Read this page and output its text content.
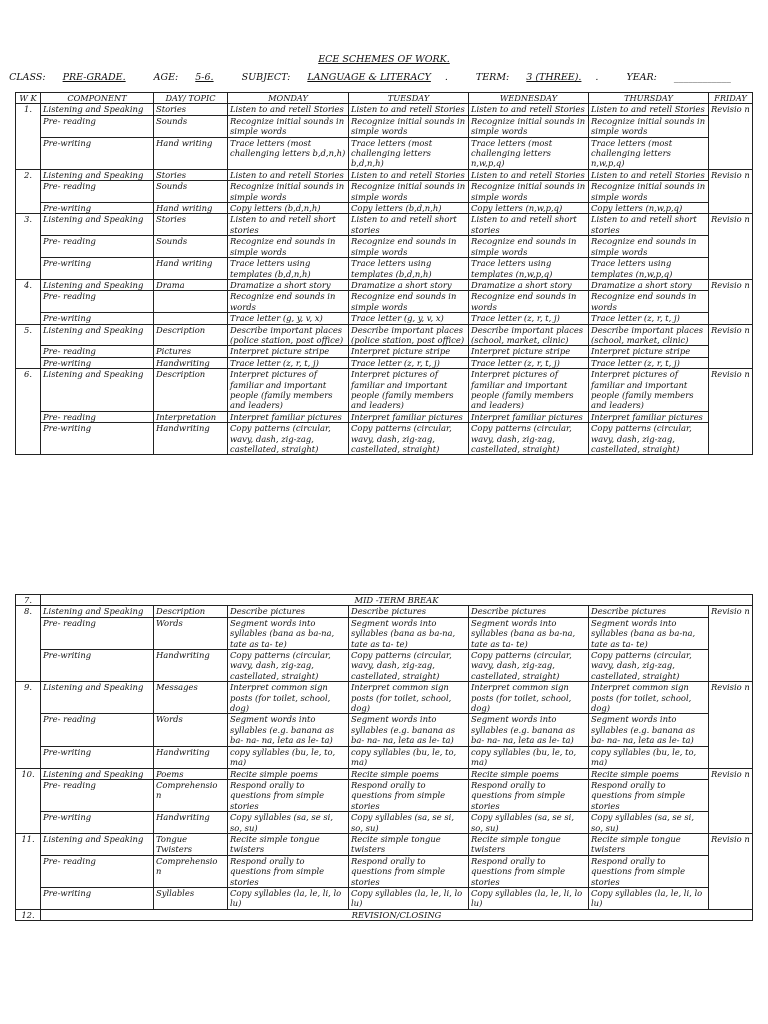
ECE SCHEMES OF WORK.
CLASS: PRE-GRADE.	AGE: 5-6.	SUBJECT: LANGUAGE & LITERACY .	TERM: 3 (THREE). .	YEAR: ____________
W K	COMPONENT	DAY/ TOPIC	MONDAY	TUESDAY	WEDNESDAY	THURSDAY	FRIDAY
1.	Listening and Speaking	Stories	Listen to and retell Stories	Listen to and retell Stories	Listen to and retell Stories	Listen to and retell Stories	Revisio n
	Pre- reading	Sounds	Recognize initial sounds in simple words	Recognize initial sounds in simple words	Recognize initial sounds in simple words	Recognize initial sounds in simple words	
	Pre-writing	Hand writing	Trace letters (most challenging letters b,d,n,h)	Trace letters (most challenging letters b,d,n,h)	Trace letters (most challenging letters n,w,p,q)	Trace letters (most challenging letters n,w,p,q)	
2.	Listening and Speaking	Stories	Listen to and retell Stories	Listen to and retell Stories	Listen to and retell Stories	Listen to and retell Stories	Revisio n
	Pre- reading	Sounds	Recognize initial sounds in simple words	Recognize initial sounds in simple words	Recognize initial sounds in simple words	Recognize initial sounds in simple words	
	Pre-writing	Hand writing	Copy letters (b,d,n,h)	Copy letters (b,d,n,h)	Copy letters (n,w,p,q)	Copy letters (n,w,p,q)	
3.	Listening and Speaking	Stories	Listen to and retell short stories	Listen to and retell short stories	Listen to and retell short stories	Listen to and retell short stories	Revisio n
	Pre- reading	Sounds	Recognize end sounds in simple words	Recognize end sounds in simple words	Recognize end sounds in simple words	Recognize end sounds in simple words	
	Pre-writing	Hand writing	Trace letters using templates (b,d,n,h)	Trace letters using templates (b,d,n,h)	Trace letters using templates (n,w,p,q)	Trace letters using templates (n,w,p,q)	
4.	Listening and Speaking	Drama	Dramatize a short story	Dramatize a short story	Dramatize a short story	Dramatize a short story	Revisio n
	Pre- reading		Recognize end sounds in words	Recognize end sounds in simple words	Recognize end sounds in words	Recognize end sounds in words	
	Pre-writing		Trace letter (g, y, v, x)	Trace letter (g, y, v, x)	Trace letter (z, r, t, j)	Trace letter (z, r, t, j)	
5.	Listening and Speaking	Description	Describe important places (police station, post office)	Describe important places (police station, post office)	Describe important places (school, market, clinic)	Describe important places (school, market, clinic)	Revisio n
	Pre- reading	Pictures	Interpret picture stripe	Interpret picture stripe	Interpret picture stripe	Interpret picture stripe	
	Pre-writing	Handwriting	Trace letter (z, r, t, j)	Trace letter (z, r, t, j)	Trace letter (z, r, t, j)	Trace letter (z, r, t, j)	
6.	Listening and Speaking	Description	Interpret pictures of familiar and important people (family members and leaders)	Interpret pictures of familiar and important people (family members and leaders)	Interpret pictures of familiar and important people (family members and leaders)	Interpret pictures of familiar and important people (family members and leaders)	Revisio n
	Pre- reading	Interpretation	Interpret familiar pictures	Interpret familiar pictures	Interpret familiar pictures	Interpret familiar pictures	
	Pre-writing	Handwriting	Copy patterns (circular, wavy, dash, zig-zag, castellated, straight)	Copy patterns (circular, wavy, dash, zig-zag, castellated, straight)	Copy patterns (circular, wavy, dash, zig-zag, castellated, straight)	Copy patterns (circular, wavy, dash, zig-zag, castellated, straight)	
7.	MID -TERM BREAK						
8.	Listening and Speaking	Description	Describe pictures	Describe pictures	Describe pictures	Describe pictures	Revisio n
	Pre- reading	Words	Segment words into syllables (bana as ba-na, tate as ta- te)	Segment words into syllables (bana as ba-na, tate as ta- te)	Segment words into syllables (bana as ba-na, tate as ta- te)	Segment words into syllables (bana as ba-na, tate as ta- te)	
	Pre-writing	Handwriting	Copy patterns (circular, wavy, dash, zig-zag, castellated, straight)	Copy patterns (circular, wavy, dash, zig-zag, castellated, straight)	Copy patterns (circular, wavy, dash, zig-zag, castellated, straight)	Copy patterns (circular, wavy, dash, zig-zag, castellated, straight)	
9.	Listening and Speaking	Messages	Interpret common sign posts (for toilet, school, dog)	Interpret common sign posts (for toilet, school, dog)	Interpret common sign posts (for toilet, school, dog)	Interpret common sign posts (for toilet, school, dog)	Revisio n
	Pre- reading	Words	Segment words into syllables (e.g. banana as ba- na- na, leta as le- ta)	Segment words into syllables (e.g. banana as ba- na- na, leta as le- ta)	Segment words into syllables (e.g. banana as ba- na- na, leta as le- ta)	Segment words into syllables (e.g. banana as ba- na- na, leta as le- ta)	
	Pre-writing	Handwriting	copy syllables (bu, le, to, ma)	copy syllables (bu, le, to, ma)	copy syllables (bu, le, to, ma)	copy syllables (bu, le, to, ma)	
10.	Listening and Speaking	Poems	Recite simple poems	Recite simple poems	Recite simple poems	Recite simple poems	Revisio n
	Pre- reading	Comprehensio n	Respond orally to questions from simple stories	Respond orally to questions from simple stories	Respond orally to questions from simple stories	Respond orally to questions from simple stories	
	Pre-writing	Handwriting	Copy syllables (sa, se si, so, su)	Copy syllables (sa, se si, so, su)	Copy syllables (sa, se si, so, su)	Copy syllables (sa, se si, so, su)	
11.	Listening and Speaking	Tongue Twisters	Recite simple tongue twisters	Recite simple tongue twisters	Recite simple tongue twisters	Recite simple tongue twisters	Revisio n
	Pre- reading	Comprehensio n	Respond orally to questions from simple stories	Respond orally to questions from simple stories	Respond orally to questions from simple stories	Respond orally to questions from simple stories	
	Pre-writing	Syllables	Copy syllables (la, le, li, lo lu)	Copy syllables (la, le, li, lo lu)	Copy syllables (la, le, li, lo lu)	Copy syllables (la, le, li, lo lu)	
12.	REVISION/CLOSING						
